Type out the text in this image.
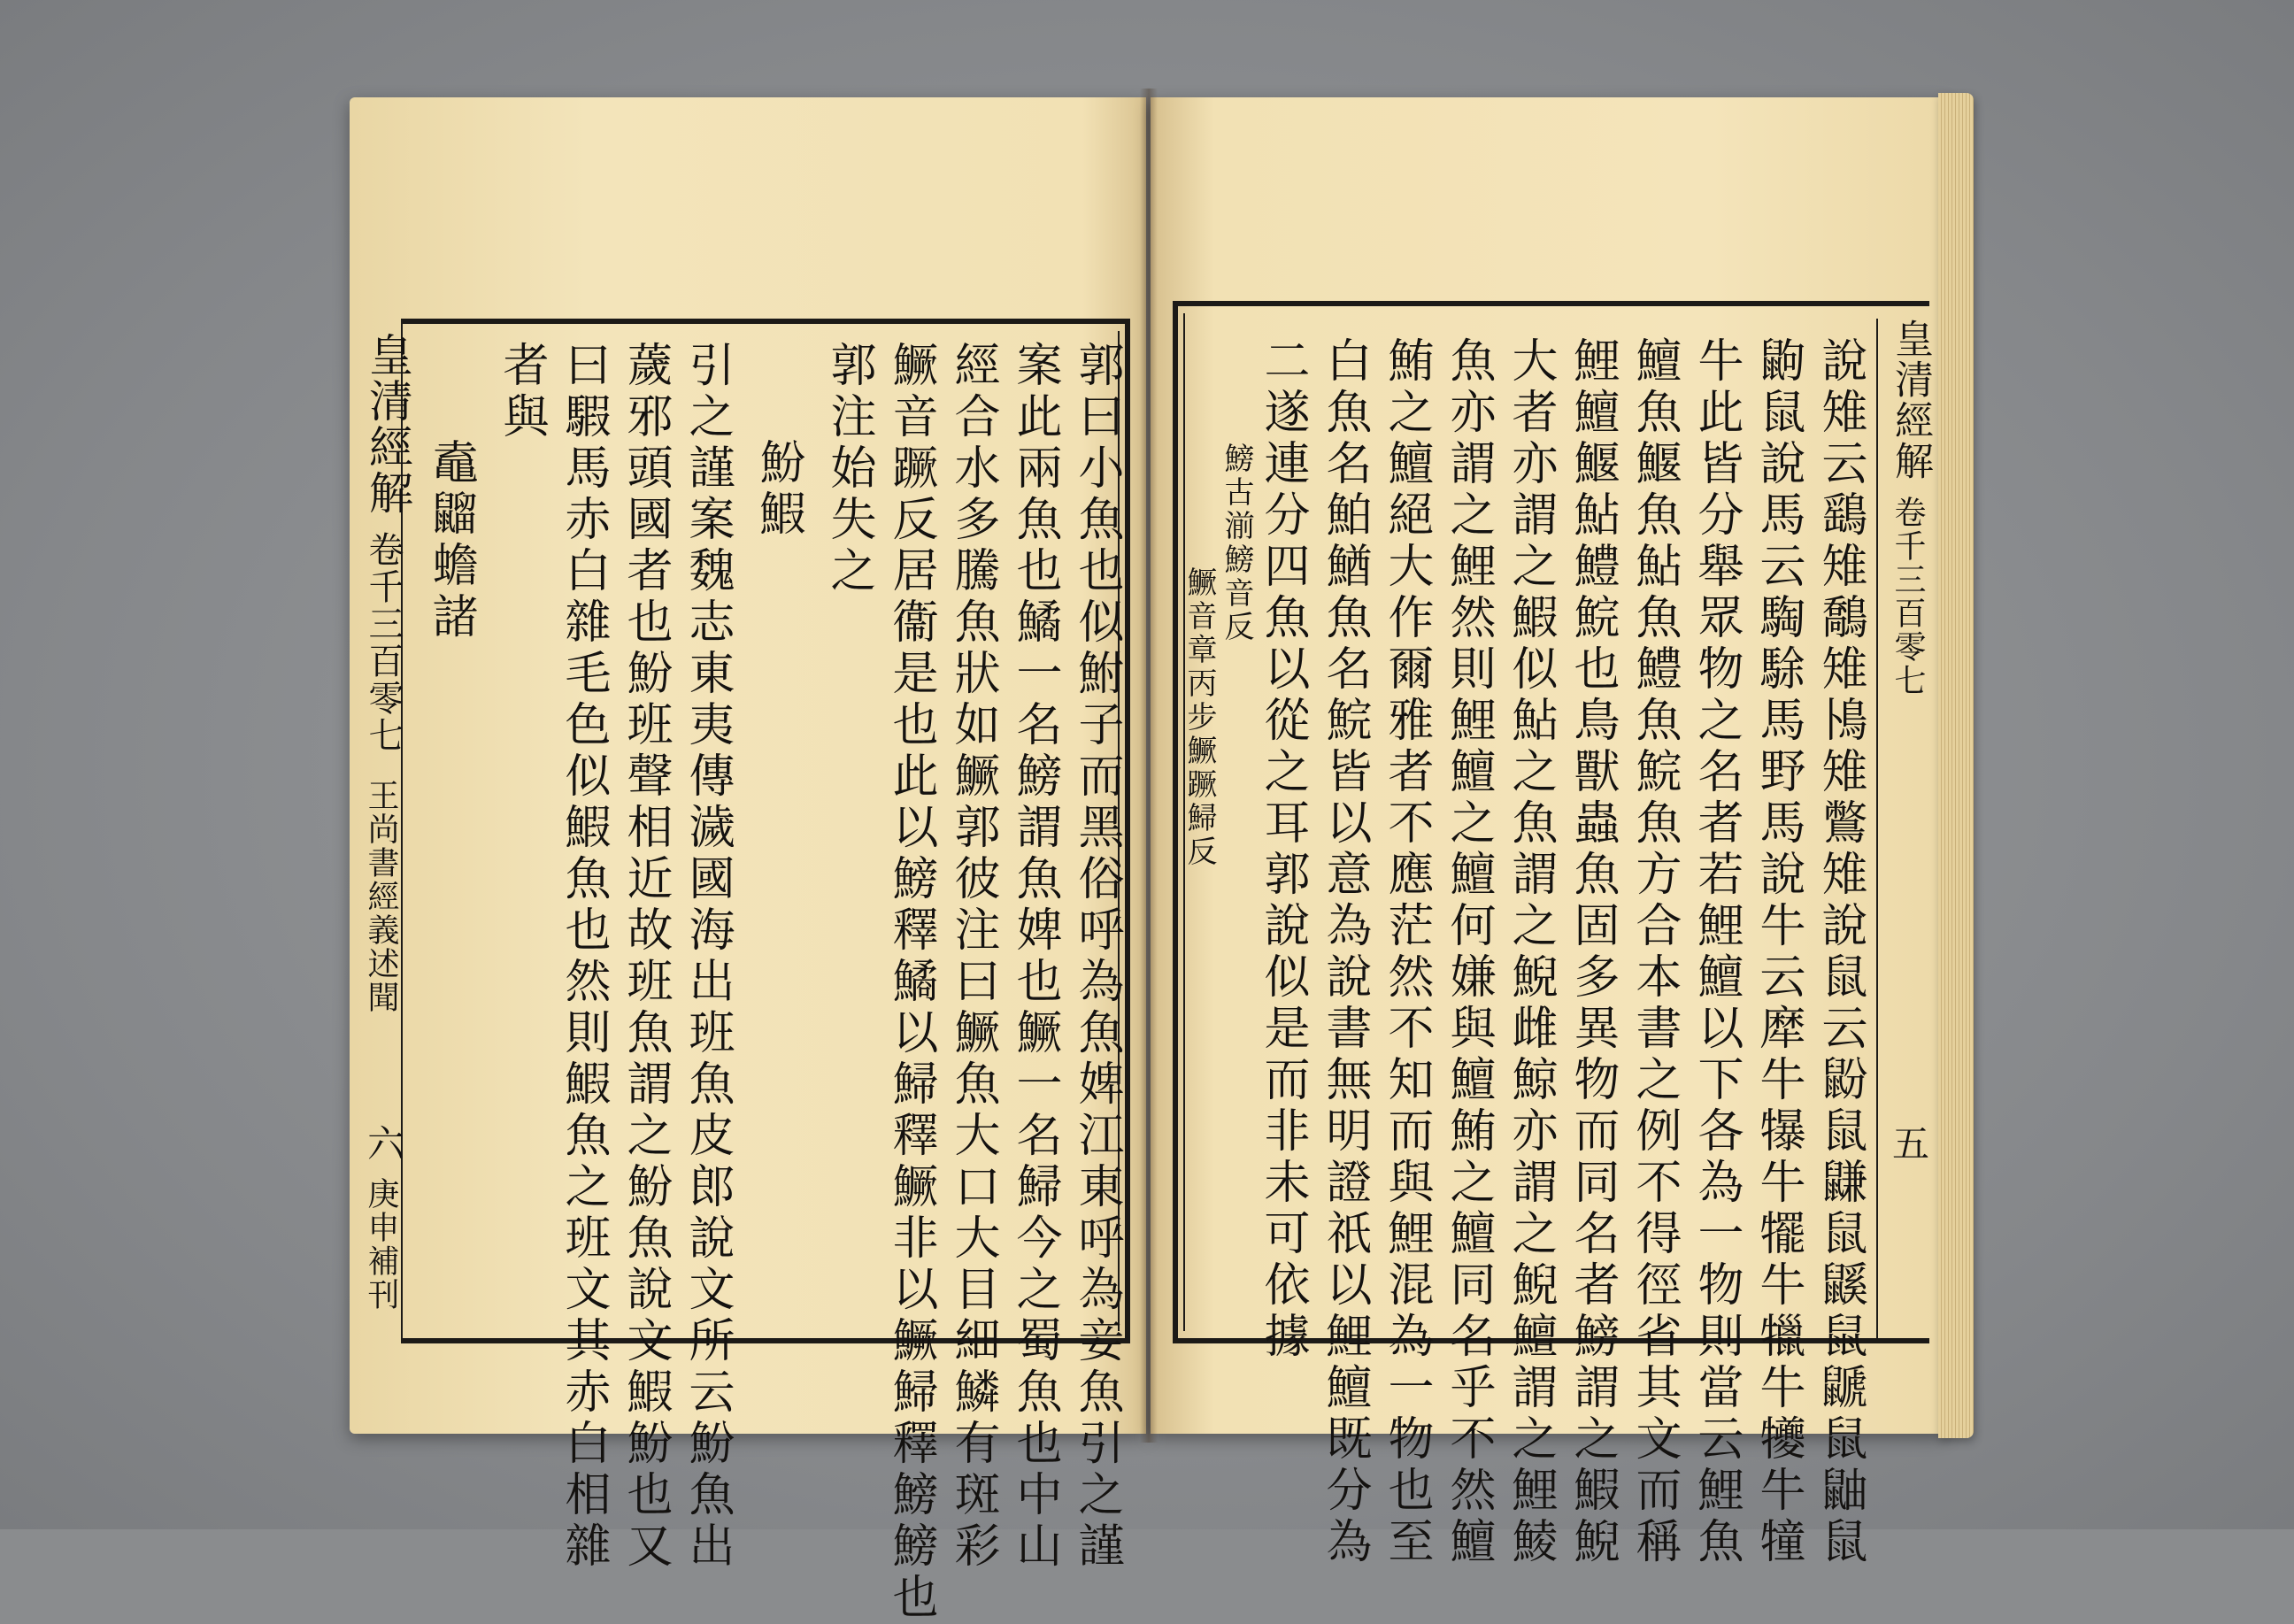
皇清經解
卷千三百零七
王尚書經義述聞
六
庚申補刊	郭曰小魚也似鮒子而黑俗呼為魚婢江東呼為妾魚引之謹
案此兩魚也鱊一名鰟謂魚婢也鱖一名鯞今之蜀魚也中山
經合水多騰魚狀如鱖郭彼注曰鱖魚大口大目細鱗有斑彩
鱖音蹶反居衞是也此以鰟釋鱊以鯞釋鱖非以鱖鯞釋鰟鰟也
郭注始失之
魵鰕
引之謹案魏志東夷傳濊國海出班魚皮郎說文所云魵魚出
薉邪頭國者也魵班聲相近故班魚謂之魵魚說文鰕魵也又
曰騢馬赤白雜毛色似鰕魚也然則鰕魚之班文其赤白相雜
者與
鼁䶉蟾諸
皇清經解
卷千三百零七
五
說雉云鷂雉鷮雉鳪雉鷩雉說鼠云鼢鼠鼸鼠鼷鼠鼶鼠鼬鼠
鼩鼠說馬云騊駼馬野馬說牛云犘牛犦牛犤牛犣牛犪牛犝
牛此皆分舉眾物之名者若鯉鱣以下各為一物則當云鯉魚
鱣魚鰋魚鮎魚鱧魚鯇魚方合本書之例不得徑省其文而稱
鯉鱣鰋鮎鱧鯇也鳥獸蟲魚固多異物而同名者鰟謂之鰕鯢
大者亦謂之鰕似鮎之魚謂之鯢雌鯨亦謂之鯢鱣謂之鯉鯪
魚亦謂之鯉然則鯉鱣之鱣何嫌與鱣鮪之鱣同名乎不然鱣
鮪之鱣絕大作爾雅者不應茫然不知而與鯉混為一物也至
白魚名鮊鰌魚名鯇皆以意為說書無明證祇以鯉鱣既分為
二遂連分四魚以從之耳郭說似是而非未可依據
鰟古湔鰟音反
鱖音章丙步鱖蹶鯞反
